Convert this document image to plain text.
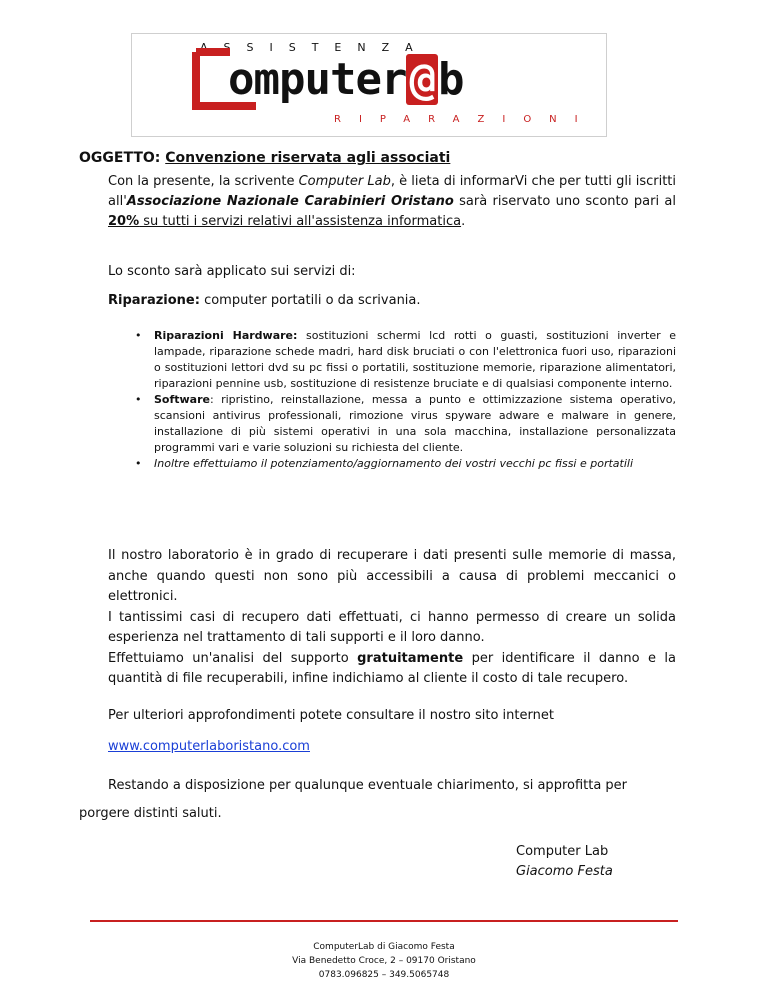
ASSISTENZA
omputer@b
RIPARAZIONI
OGGETTO: Convenzione riservata agli associati
Con la presente, la scrivente Computer Lab, è lieta di informarVi che per tutti gli iscritti all'Associazione Nazionale Carabinieri Oristano sarà riservato uno sconto pari al 20% su tutti i servizi relativi all'assistenza informatica.
Lo sconto sarà applicato sui servizi di:
Riparazione: computer portatili o da scrivania.
• Riparazioni Hardware: sostituzioni schermi lcd rotti o guasti, sostituzioni inverter e lampade, riparazione schede madri, hard disk bruciati o con l'elettronica fuori uso, riparazioni o sostituzioni lettori dvd su pc fissi o portatili, sostituzione memorie, riparazione alimentatori, riparazioni pennine usb, sostituzione di resistenze bruciate e di qualsiasi componente interno.
• Software: ripristino, reinstallazione, messa a punto e ottimizzazione sistema operativo, scansioni antivirus professionali, rimozione virus spyware adware e malware in genere, installazione di più sistemi operativi in una sola macchina, installazione personalizzata programmi vari e varie soluzioni su richiesta del cliente.
• Inoltre effettuiamo il potenziamento/aggiornamento dei vostri vecchi pc fissi e portatili
Il nostro laboratorio è in grado di recuperare i dati presenti sulle memorie di massa, anche quando questi non sono più accessibili a causa di problemi meccanici o elettronici.
I tantissimi casi di recupero dati effettuati, ci hanno permesso di creare un solida esperienza nel trattamento di tali supporti e il loro danno.
Effettuiamo un'analisi del supporto gratuitamente per identificare il danno e la quantità di file recuperabili, infine indichiamo al cliente il costo di tale recupero.
Per ulteriori approfondimenti potete consultare il nostro sito internet
www.computerlaboristano.com
Restando a disposizione per qualunque eventuale chiarimento, si approfitta per
porgere distinti saluti.
Computer Lab
Giacomo Festa
ComputerLab di Giacomo Festa
Via Benedetto Croce, 2 – 09170 Oristano
0783.096825 – 349.5065748
